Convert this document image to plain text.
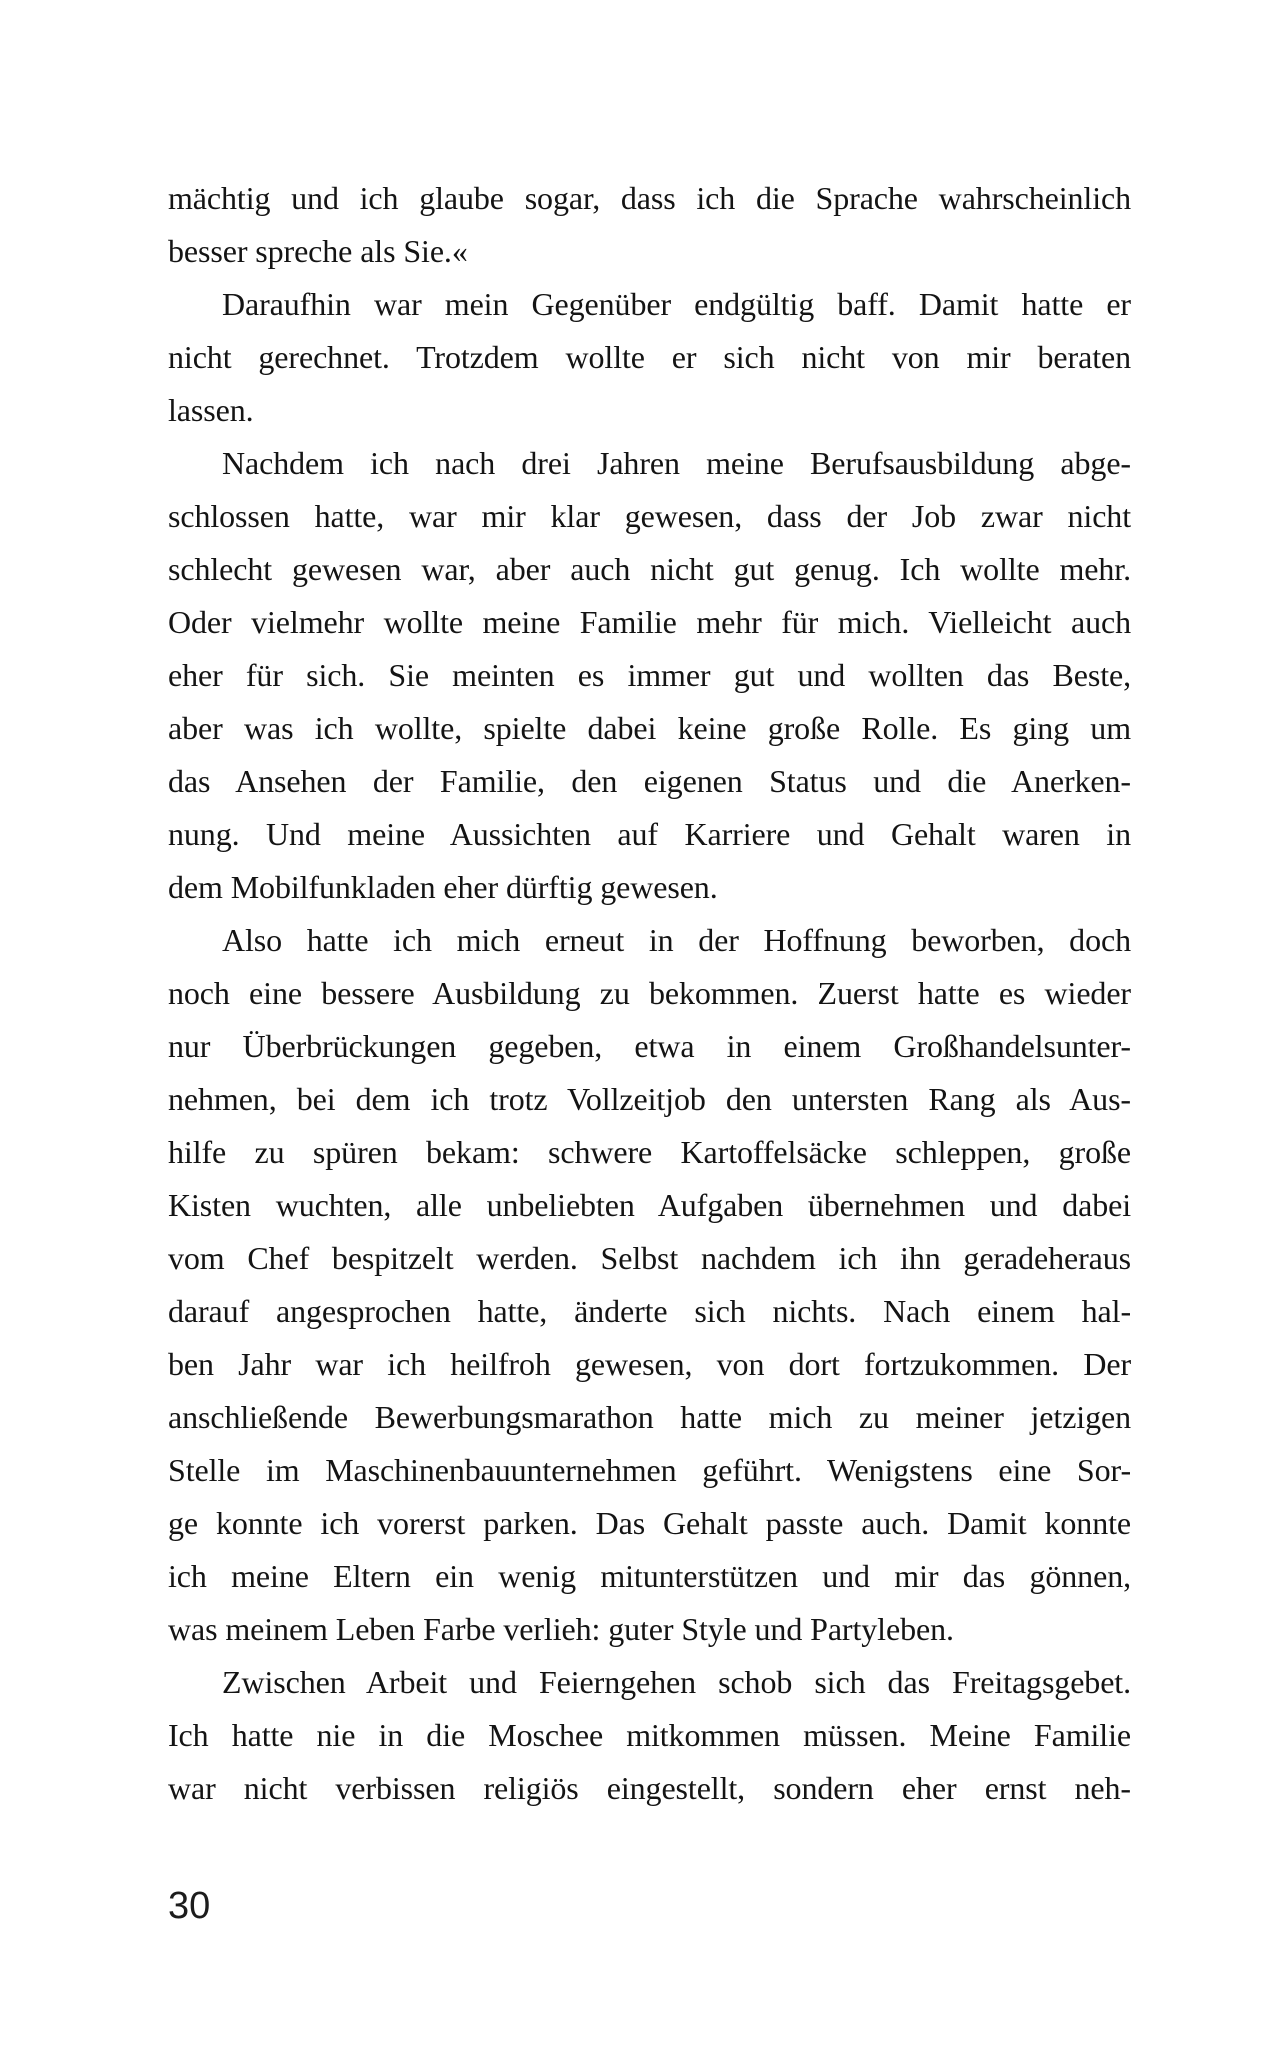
mächtig und ich glaube sogar, dass ich die Sprache wahrscheinlich
besser spreche als Sie.«
Daraufhin war mein Gegenüber endgültig baff. Damit hatte er
nicht gerechnet. Trotzdem wollte er sich nicht von mir beraten
lassen.
Nachdem ich nach drei Jahren meine Berufsausbildung abge-
schlossen hatte, war mir klar gewesen, dass der Job zwar nicht
schlecht gewesen war, aber auch nicht gut genug. Ich wollte mehr.
Oder vielmehr wollte meine Familie mehr für mich. Vielleicht auch
eher für sich. Sie meinten es immer gut und wollten das Beste,
aber was ich wollte, spielte dabei keine große Rolle. Es ging um
das Ansehen der Familie, den eigenen Status und die Anerken-
nung. Und meine Aussichten auf Karriere und Gehalt waren in
dem Mobilfunkladen eher dürftig gewesen.
Also hatte ich mich erneut in der Hoffnung beworben, doch
noch eine bessere Ausbildung zu bekommen. Zuerst hatte es wieder
nur Überbrückungen gegeben, etwa in einem Großhandelsunter-
nehmen, bei dem ich trotz Vollzeitjob den untersten Rang als Aus-
hilfe zu spüren bekam: schwere Kartoffelsäcke schleppen, große
Kisten wuchten, alle unbeliebten Aufgaben übernehmen und dabei
vom Chef bespitzelt werden. Selbst nachdem ich ihn geradeheraus
darauf angesprochen hatte, änderte sich nichts. Nach einem hal-
ben Jahr war ich heilfroh gewesen, von dort fortzukommen. Der
anschließende Bewerbungsmarathon hatte mich zu meiner jetzigen
Stelle im Maschinenbauunternehmen geführt. Wenigstens eine Sor-
ge konnte ich vorerst parken. Das Gehalt passte auch. Damit konnte
ich meine Eltern ein wenig mitunterstützen und mir das gönnen,
was meinem Leben Farbe verlieh: guter Style und Partyleben.
Zwischen Arbeit und Feierngehen schob sich das Freitagsgebet.
Ich hatte nie in die Moschee mitkommen müssen. Meine Familie
war nicht verbissen religiös eingestellt, sondern eher ernst neh-
30
